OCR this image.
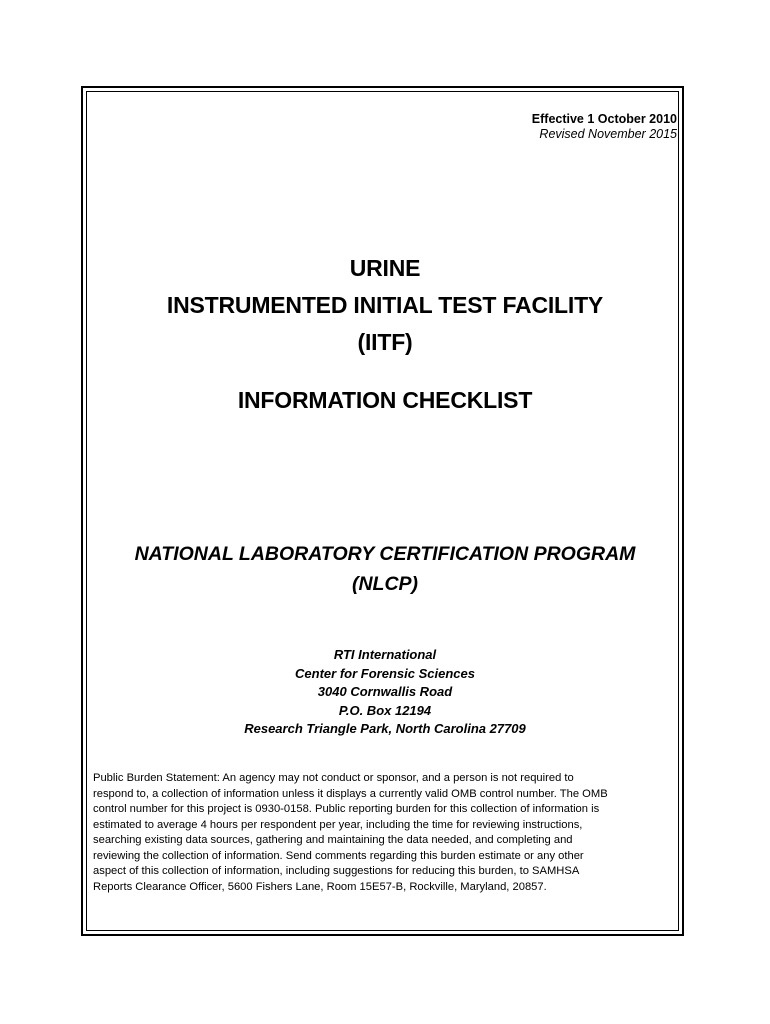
Effective 1 October 2010
Revised November 2015
URINE
INSTRUMENTED INITIAL TEST FACILITY
(IITF)
INFORMATION CHECKLIST
NATIONAL LABORATORY CERTIFICATION PROGRAM
(NLCP)
RTI International
Center for Forensic Sciences
3040 Cornwallis Road
P.O. Box 12194
Research Triangle Park, North Carolina 27709
Public Burden Statement: An agency may not conduct or sponsor, and a person is not required to
respond to, a collection of information unless it displays a currently valid OMB control number. The OMB
control number for this project is 0930-0158. Public reporting burden for this collection of information is
estimated to average 4 hours per respondent per year, including the time for reviewing instructions,
searching existing data sources, gathering and maintaining the data needed, and completing and
reviewing the collection of information. Send comments regarding this burden estimate or any other
aspect of this collection of information, including suggestions for reducing this burden, to SAMHSA
Reports Clearance Officer, 5600 Fishers Lane, Room 15E57-B, Rockville, Maryland, 20857.
